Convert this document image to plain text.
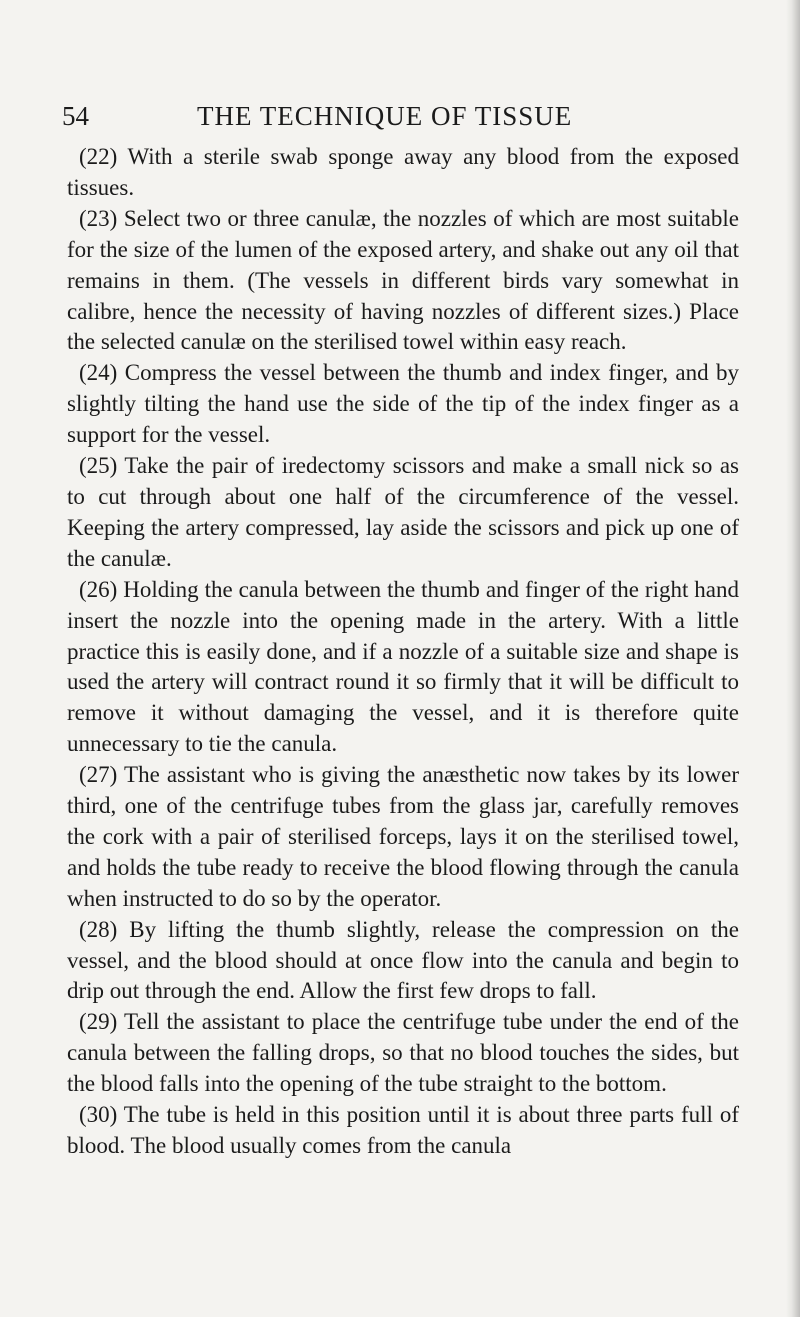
54	THE TECHNIQUE OF TISSUE

(22) With a sterile swab sponge away any blood from the exposed tissues.

(23) Select two or three canulæ, the nozzles of which are most suitable for the size of the lumen of the exposed artery, and shake out any oil that remains in them. (The vessels in different birds vary somewhat in calibre, hence the necessity of having nozzles of different sizes.) Place the selected canulæ on the sterilised towel within easy reach.

(24) Compress the vessel between the thumb and index finger, and by slightly tilting the hand use the side of the tip of the index finger as a support for the vessel.

(25) Take the pair of iredectomy scissors and make a small nick so as to cut through about one half of the circumference of the vessel. Keeping the artery compressed, lay aside the scissors and pick up one of the canulæ.

(26) Holding the canula between the thumb and finger of the right hand insert the nozzle into the opening made in the artery. With a little practice this is easily done, and if a nozzle of a suitable size and shape is used the artery will contract round it so firmly that it will be difficult to remove it without damaging the vessel, and it is therefore quite unnecessary to tie the canula.

(27) The assistant who is giving the anæsthetic now takes by its lower third, one of the centrifuge tubes from the glass jar, carefully removes the cork with a pair of sterilised forceps, lays it on the sterilised towel, and holds the tube ready to receive the blood flowing through the canula when instructed to do so by the operator.

(28) By lifting the thumb slightly, release the compression on the vessel, and the blood should at once flow into the canula and begin to drip out through the end. Allow the first few drops to fall.

(29) Tell the assistant to place the centrifuge tube under the end of the canula between the falling drops, so that no blood touches the sides, but the blood falls into the opening of the tube straight to the bottom.

(30) The tube is held in this position until it is about three parts full of blood. The blood usually comes from the canula
